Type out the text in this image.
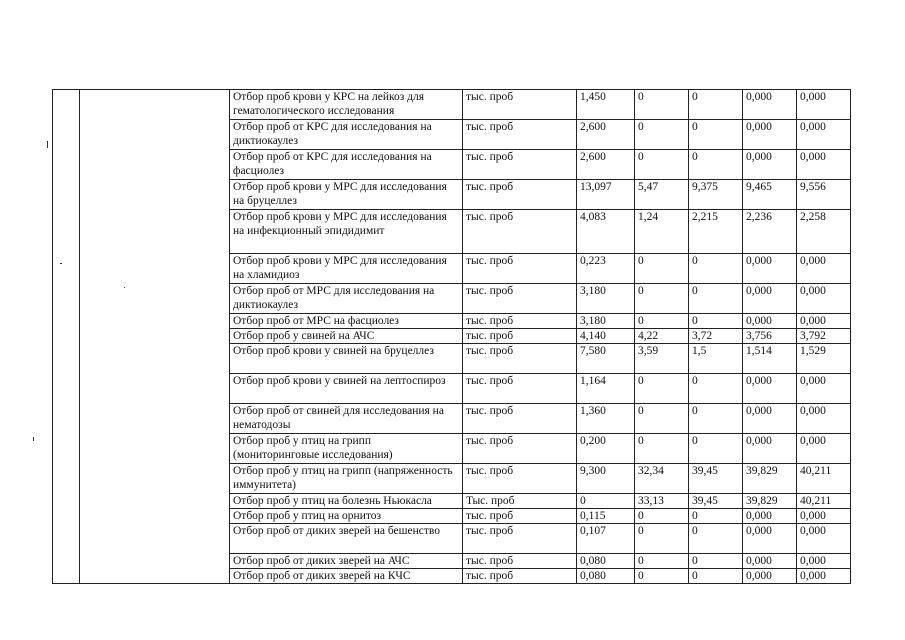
		Отбор проб крови у КРС на лейкоз для гематологического исследования	тыс. проб	1,450	0	0	0,000	0,000
		Отбор проб от КРС для исследования на диктиокаулез	тыс. проб	2,600	0	0	0,000	0,000
		Отбор проб от КРС для исследования на фасциолез	тыс. проб	2,600	0	0	0,000	0,000
		Отбор проб крови у МРС для исследования на бруцеллез	тыс. проб	13,097	5,47	9,375	9,465	9,556
		Отбор проб крови у МРС для исследования на инфекционный эпидидимит	тыс. проб	4,083	1,24	2,215	2,236	2,258
		Отбор проб крови у МРС для исследования на хламидиоз	тыс. проб	0,223	0	0	0,000	0,000
		Отбор проб от МРС для исследования на диктиокаулез	тыс. проб	3,180	0	0	0,000	0,000
		Отбор проб от МРС на фасциолез	тыс. проб	3,180	0	0	0,000	0,000
		Отбор проб у свиней на АЧС	тыс. проб	4,140	4,22	3,72	3,756	3,792
		Отбор проб крови у свиней на бруцеллез	тыс. проб	7,580	3,59	1,5	1,514	1,529
		Отбор проб крови у свиней на лептоспироз	тыс. проб	1,164	0	0	0,000	0,000
		Отбор проб от свиней для исследования на нематодозы	тыс. проб	1,360	0	0	0,000	0,000
		Отбор проб у птиц на грипп (мониторинговые исследования)	тыс. проб	0,200	0	0	0,000	0,000
		Отбор проб у птиц на грипп (напряженность иммунитета)	тыс. проб	9,300	32,34	39,45	39,829	40,211
		Отбор проб у птиц на болезнь Ньюкасла	Тыс. проб	0	33,13	39,45	39,829	40,211
		Отбор проб у птиц на орнитоз	тыс. проб	0,115	0	0	0,000	0,000
		Отбор проб от диких зверей на бешенство	тыс. проб	0,107	0	0	0,000	0,000
		Отбор проб от диких зверей на АЧС	тыс. проб	0,080	0	0	0,000	0,000
		Отбор проб от диких зверей на КЧС	тыс. проб	0,080	0	0	0,000	0,000
